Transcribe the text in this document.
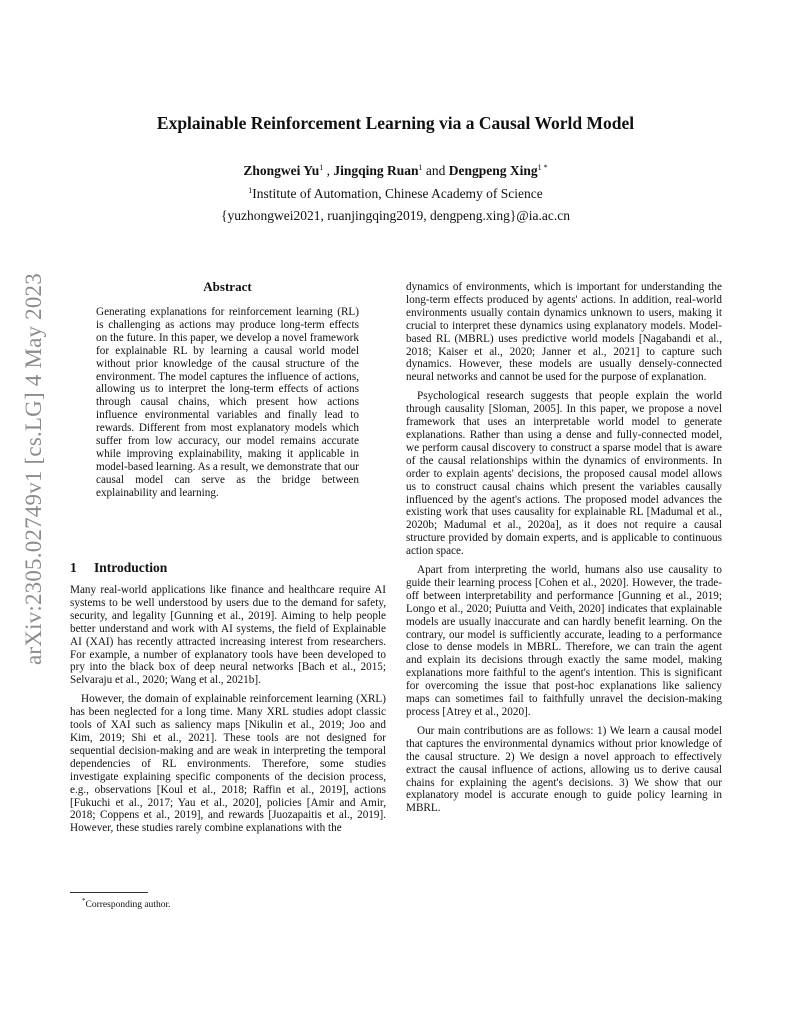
Explainable Reinforcement Learning via a Causal World Model
Zhongwei Yu$^1$ , Jingqing Ruan$^1$ and Dengpeng Xing$^{1 *}$
$^1$Institute of Automation, Chinese Academy of Science
{yuzhongwei2021, ruanjingqing2019, dengpeng.xing}@ia.ac.cn
arXiv:2305.02749v1 [cs.LG] 4 May 2023	Abstract

Generating explanations for reinforcement learning (RL) is challenging as actions may produce long-term effects on the future. In this paper, we develop a novel framework for explainable RL by learning a causal world model without prior knowledge of the causal structure of the environment. The model captures the influence of actions, allowing us to interpret the long-term effects of actions through causal chains, which present how actions influence environmental variables and finally lead to rewards. Different from most explanatory models which suffer from low accuracy, our model remains accurate while improving explainability, making it applicable in model-based learning. As a result, we demonstrate that our causal model can serve as the bridge between explainability and learning.

1 Introduction

Many real-world applications like finance and healthcare require AI systems to be well understood by users due to the demand for safety, security, and legality [Gunning et al., 2019]. Aiming to help people better understand and work with AI systems, the field of Explainable AI (XAI) has recently attracted increasing interest from researchers. For example, a number of explanatory tools have been developed to pry into the black box of deep neural networks [Bach et al., 2015; Selvaraju et al., 2020; Wang et al., 2021b].

However, the domain of explainable reinforcement learning (XRL) has been neglected for a long time. Many XRL studies adopt classic tools of XAI such as saliency maps [Nikulin et al., 2019; Joo and Kim, 2019; Shi et al., 2021]. These tools are not designed for sequential decision-making and are weak in interpreting the temporal dependencies of RL environments. Therefore, some studies investigate explaining specific components of the decision process, e.g., observations [Koul et al., 2018; Raffin et al., 2019], actions [Fukuchi et al., 2017; Yau et al., 2020], policies [Amir and Amir, 2018; Coppens et al., 2019], and rewards [Juozapaitis et al., 2019]. However, these studies rarely combine explanations with the

dynamics of environments, which is important for understanding the long-term effects produced by agents' actions. In addition, real-world environments usually contain dynamics unknown to users, making it crucial to interpret these dynamics using explanatory models. Model-based RL (MBRL) uses predictive world models [Nagabandi et al., 2018; Kaiser et al., 2020; Janner et al., 2021] to capture such dynamics. However, these models are usually densely-connected neural networks and cannot be used for the purpose of explanation.

Psychological research suggests that people explain the world through causality [Sloman, 2005]. In this paper, we propose a novel framework that uses an interpretable world model to generate explanations. Rather than using a dense and fully-connected model, we perform causal discovery to construct a sparse model that is aware of the causal relationships within the dynamics of environments. In order to explain agents' decisions, the proposed causal model allows us to construct causal chains which present the variables causally influenced by the agent's actions. The proposed model advances the existing work that uses causality for explainable RL [Madumal et al., 2020b; Madumal et al., 2020a], as it does not require a causal structure provided by domain experts, and is applicable to continuous action space.

Apart from interpreting the world, humans also use causality to guide their learning process [Cohen et al., 2020]. However, the trade-off between interpretability and performance [Gunning et al., 2019; Longo et al., 2020; Puiutta and Veith, 2020] indicates that explainable models are usually inaccurate and can hardly benefit learning. On the contrary, our model is sufficiently accurate, leading to a performance close to dense models in MBRL. Therefore, we can train the agent and explain its decisions through exactly the same model, making explanations more faithful to the agent's intention. This is significant for overcoming the issue that post-hoc explanations like saliency maps can sometimes fail to faithfully unravel the decision-making process [Atrey et al., 2020].

Our main contributions are as follows: 1) We learn a causal model that captures the environmental dynamics without prior knowledge of the causal structure. 2) We design a novel approach to effectively extract the causal influence of actions, allowing us to derive causal chains for explaining the agent's decisions. 3) We show that our explanatory model is accurate enough to guide policy learning in MBRL.

*Corresponding author.
